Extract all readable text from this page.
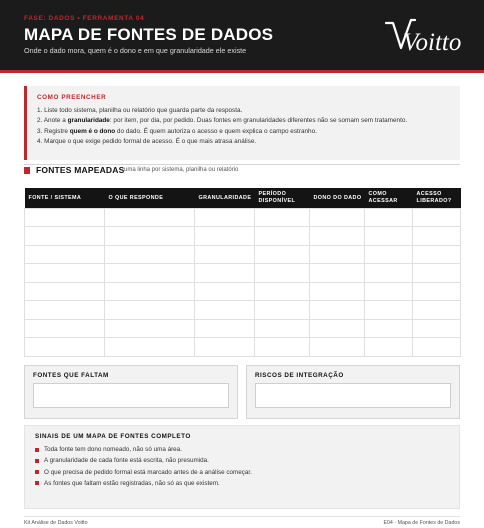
FASE: DADOS • FERRAMENTA 04
MAPA DE FONTES DE DADOS
Onde o dado mora, quem é o dono e em que granularidade ele existe	Voitto
COMO PREENCHER
1. Liste todo sistema, planilha ou relatório que guarda parte da resposta.
2. Anote a granularidade: por item, por dia, por pedido. Duas fontes em granularidades diferentes não se somam sem tratamento.
3. Registre quem é o dono do dado. É quem autoriza o acesso e quem explica o campo estranho.
4. Marque o que exige pedido formal de acesso. É o que mais atrasa análise.
FONTES MAPEADAS uma linha por sistema, planilha ou relatório
FONTE / SISTEMA	O QUE RESPONDE	GRANULARIDADE	PERÍODO DISPONÍVEL	DONO DO DADO	COMO ACESSAR	ACESSO LIBERADO?

FONTES QUE FALTAM	RISCOS DE INTEGRAÇÃO
SINAIS DE UM MAPA DE FONTES COMPLETO
Toda fonte tem dono nomeado, não só uma área.
A granularidade de cada fonte está escrita, não presumida.
O que precisa de pedido formal está marcado antes de a análise começar.
As fontes que faltam estão registradas, não só as que existem.
Kit Análise de Dados Voitto	E04 · Mapa de Fontes de Dados
